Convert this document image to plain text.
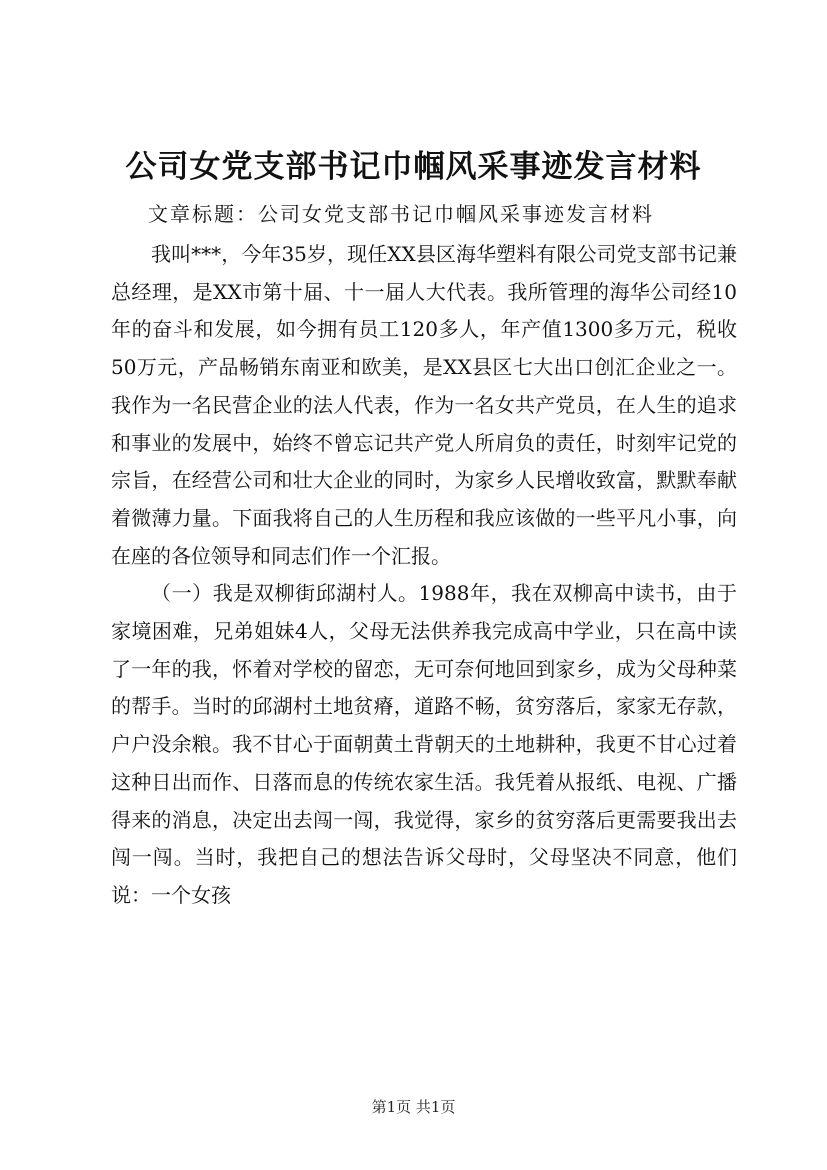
公司女党支部书记巾帼风采事迹发言材料
文章标题：公司女党支部书记巾帼风采事迹发言材料

我叫***，今年35岁，现任XX县区海华塑料有限公司党支部书记兼总经理，是XX市第十届、十一届人大代表。我所管理的海华公司经10年的奋斗和发展，如今拥有员工120多人，年产值1300多万元，税收50万元，产品畅销东南亚和欧美，是XX县区七大出口创汇企业之一。我作为一名民营企业的法人代表，作为一名女共产党员，在人生的追求和事业的发展中，始终不曾忘记共产党人所肩负的责任，时刻牢记党的宗旨，在经营公司和壮大企业的同时，为家乡人民增收致富，默默奉献着微薄力量。下面我将自己的人生历程和我应该做的一些平凡小事，向在座的各位领导和同志们作一个汇报。

（一）我是双柳街邱湖村人。1988年，我在双柳高中读书，由于家境困难，兄弟姐妹4人，父母无法供养我完成高中学业，只在高中读了一年的我，怀着对学校的留恋，无可奈何地回到家乡，成为父母种菜的帮手。当时的邱湖村土地贫瘠，道路不畅，贫穷落后，家家无存款，户户没余粮。我不甘心于面朝黄土背朝天的土地耕种，我更不甘心过着这种日出而作、日落而息的传统农家生活。我凭着从报纸、电视、广播得来的消息，决定出去闯一闯，我觉得，家乡的贫穷落后更需要我出去闯一闯。当时，我把自己的想法告诉父母时，父母坚决不同意，他们说：一个女孩

第1页 共1页
